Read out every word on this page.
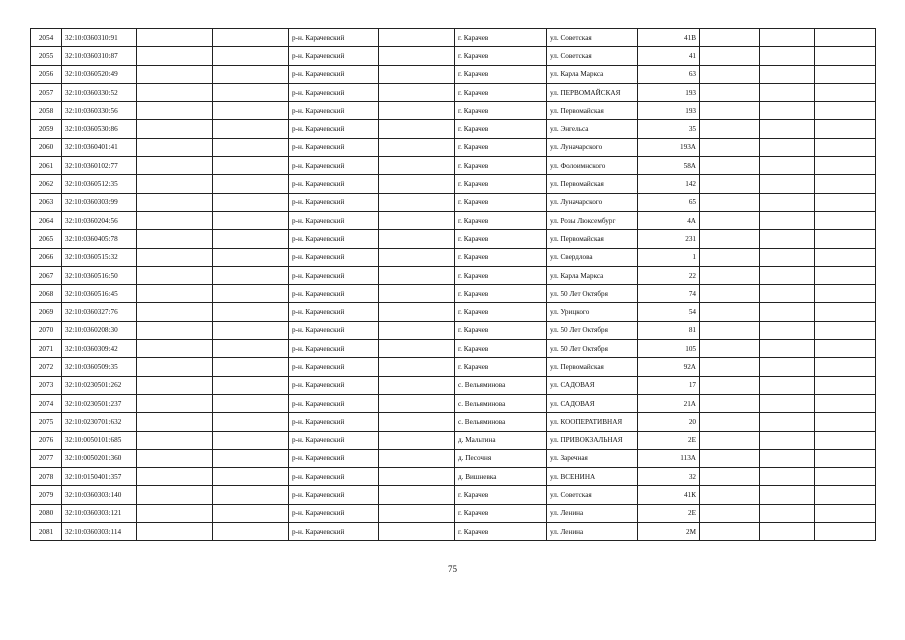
2054	32:10:0360310:91			р-н. Карачевский		г. Карачев	ул. Советская	41В			
2055	32:10:0360310:87			р-н. Карачевский		г. Карачев	ул. Советская	41			
2056	32:10:0360520:49			р-н. Карачевский		г. Карачев	ул. Карла Маркса	63			
2057	32:10:0360330:52			р-н. Карачевский		г. Карачев	ул. ПЕРВОМАЙСКАЯ	193			
2058	32:10:0360330:56			р-н. Карачевский		г. Карачев	ул. Первомайская	193			
2059	32:10:0360530:86			р-н. Карачевский		г. Карачев	ул. Энгельса	35			
2060	32:10:0360401:41			р-н. Карачевский		г. Карачев	ул. Луначарского	193А			
2061	32:10:0360102:77			р-н. Карачевский		г. Карачев	ул. Фолоимнского	58А			
2062	32:10:0360512:35			р-н. Карачевский		г. Карачев	ул. Первомайская	142			
2063	32:10:0360303:99			р-н. Карачевский		г. Карачев	ул. Луначарского	65			
2064	32:10:0360204:56			р-н. Карачевский		г. Карачев	ул. Розы Люксембург	4А			
2065	32:10:0360405:78			р-н. Карачевский		г. Карачев	ул. Первомайская	231			
2066	32:10:0360515:32			р-н. Карачевский		г. Карачев	ул. Свердлова	1			
2067	32:10:0360516:50			р-н. Карачевский		г. Карачев	ул. Карла Маркса	22			
2068	32:10:0360516:45			р-н. Карачевский		г. Карачев	ул. 50 Лет Октября	74			
2069	32:10:0360327:76			р-н. Карачевский		г. Карачев	ул. Урицкого	54			
2070	32:10:0360208:30			р-н. Карачевский		г. Карачев	ул. 50 Лет Октября	81			
2071	32:10:0360309:42			р-н. Карачевский		г. Карачев	ул. 50 Лет Октября	105			
2072	32:10:0360509:35			р-н. Карачевский		г. Карачев	ул. Первомайская	92А			
2073	32:10:0230501:262			р-н. Карачевский		с. Вельяминова	ул. САДОВАЯ	17			
2074	32:10:0230501:237			р-н. Карачевский		с. Вельяминова	ул. САДОВАЯ	21А			
2075	32:10:0230701:632			р-н. Карачевский		с. Вельяминова	ул. КООПЕРАТИВНАЯ	20			
2076	32:10:0050101:685			р-н. Карачевский		д. Мальтина	ул. ПРИВОКЗАЛЬНАЯ	2Е			
2077	32:10:0050201:360			р-н. Карачевский		д. Песочня	ул. Заречная	113А			
2078	32:10:0150401:357			р-н. Карачевский		д. Вишневка	ул. ВСЕНИНА	32			
2079	32:10:0360303:140			р-н. Карачевский		г. Карачев	ул. Советская	41К			
2080	32:10:0360303:121			р-н. Карачевский		г. Карачев	ул. Ленина	2Е			
2081	32:10:0360303:114			р-н. Карачевский		г. Карачев	ул. Ленина	2М			
75
